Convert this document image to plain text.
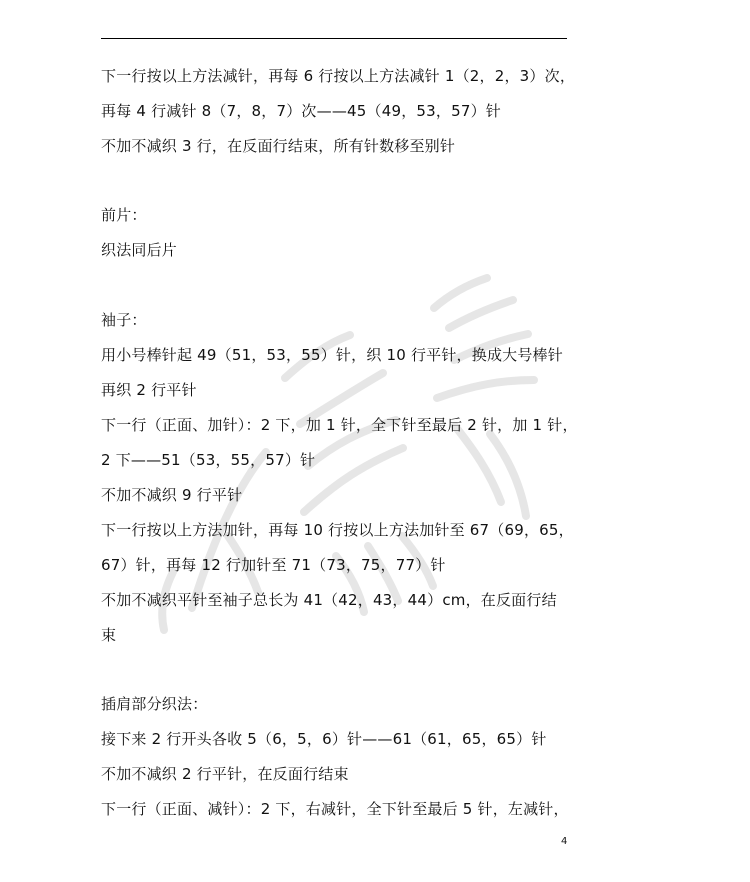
下一行按以上方法减针，再每 6 行按以上方法减针 1（2，2，3）次，
再每 4 行减针 8（7，8，7）次——45（49，53，57）针
不加不减织 3 行，在反面行结束，所有针数移至别针
前片：
织法同后片
袖子：
用小号棒针起 49（51，53，55）针，织 10 行平针，换成大号棒针
再织 2 行平针
下一行（正面、加针）：2 下，加 1 针，全下针至最后 2 针，加 1 针，
2 下——51（53，55，57）针
不加不减织 9 行平针
下一行按以上方法加针，再每 10 行按以上方法加针至 67（69，65，
67）针，再每 12 行加针至 71（73，75，77）针
不加不减织平针至袖子总长为 41（42，43，44）cm，在反面行结
束
插肩部分织法：
接下来 2 行开头各收 5（6，5，6）针——61（61，65，65）针
不加不减织 2 行平针，在反面行结束
下一行（正面、减针）：2 下，右减针，全下针至最后 5 针，左减针，
4
